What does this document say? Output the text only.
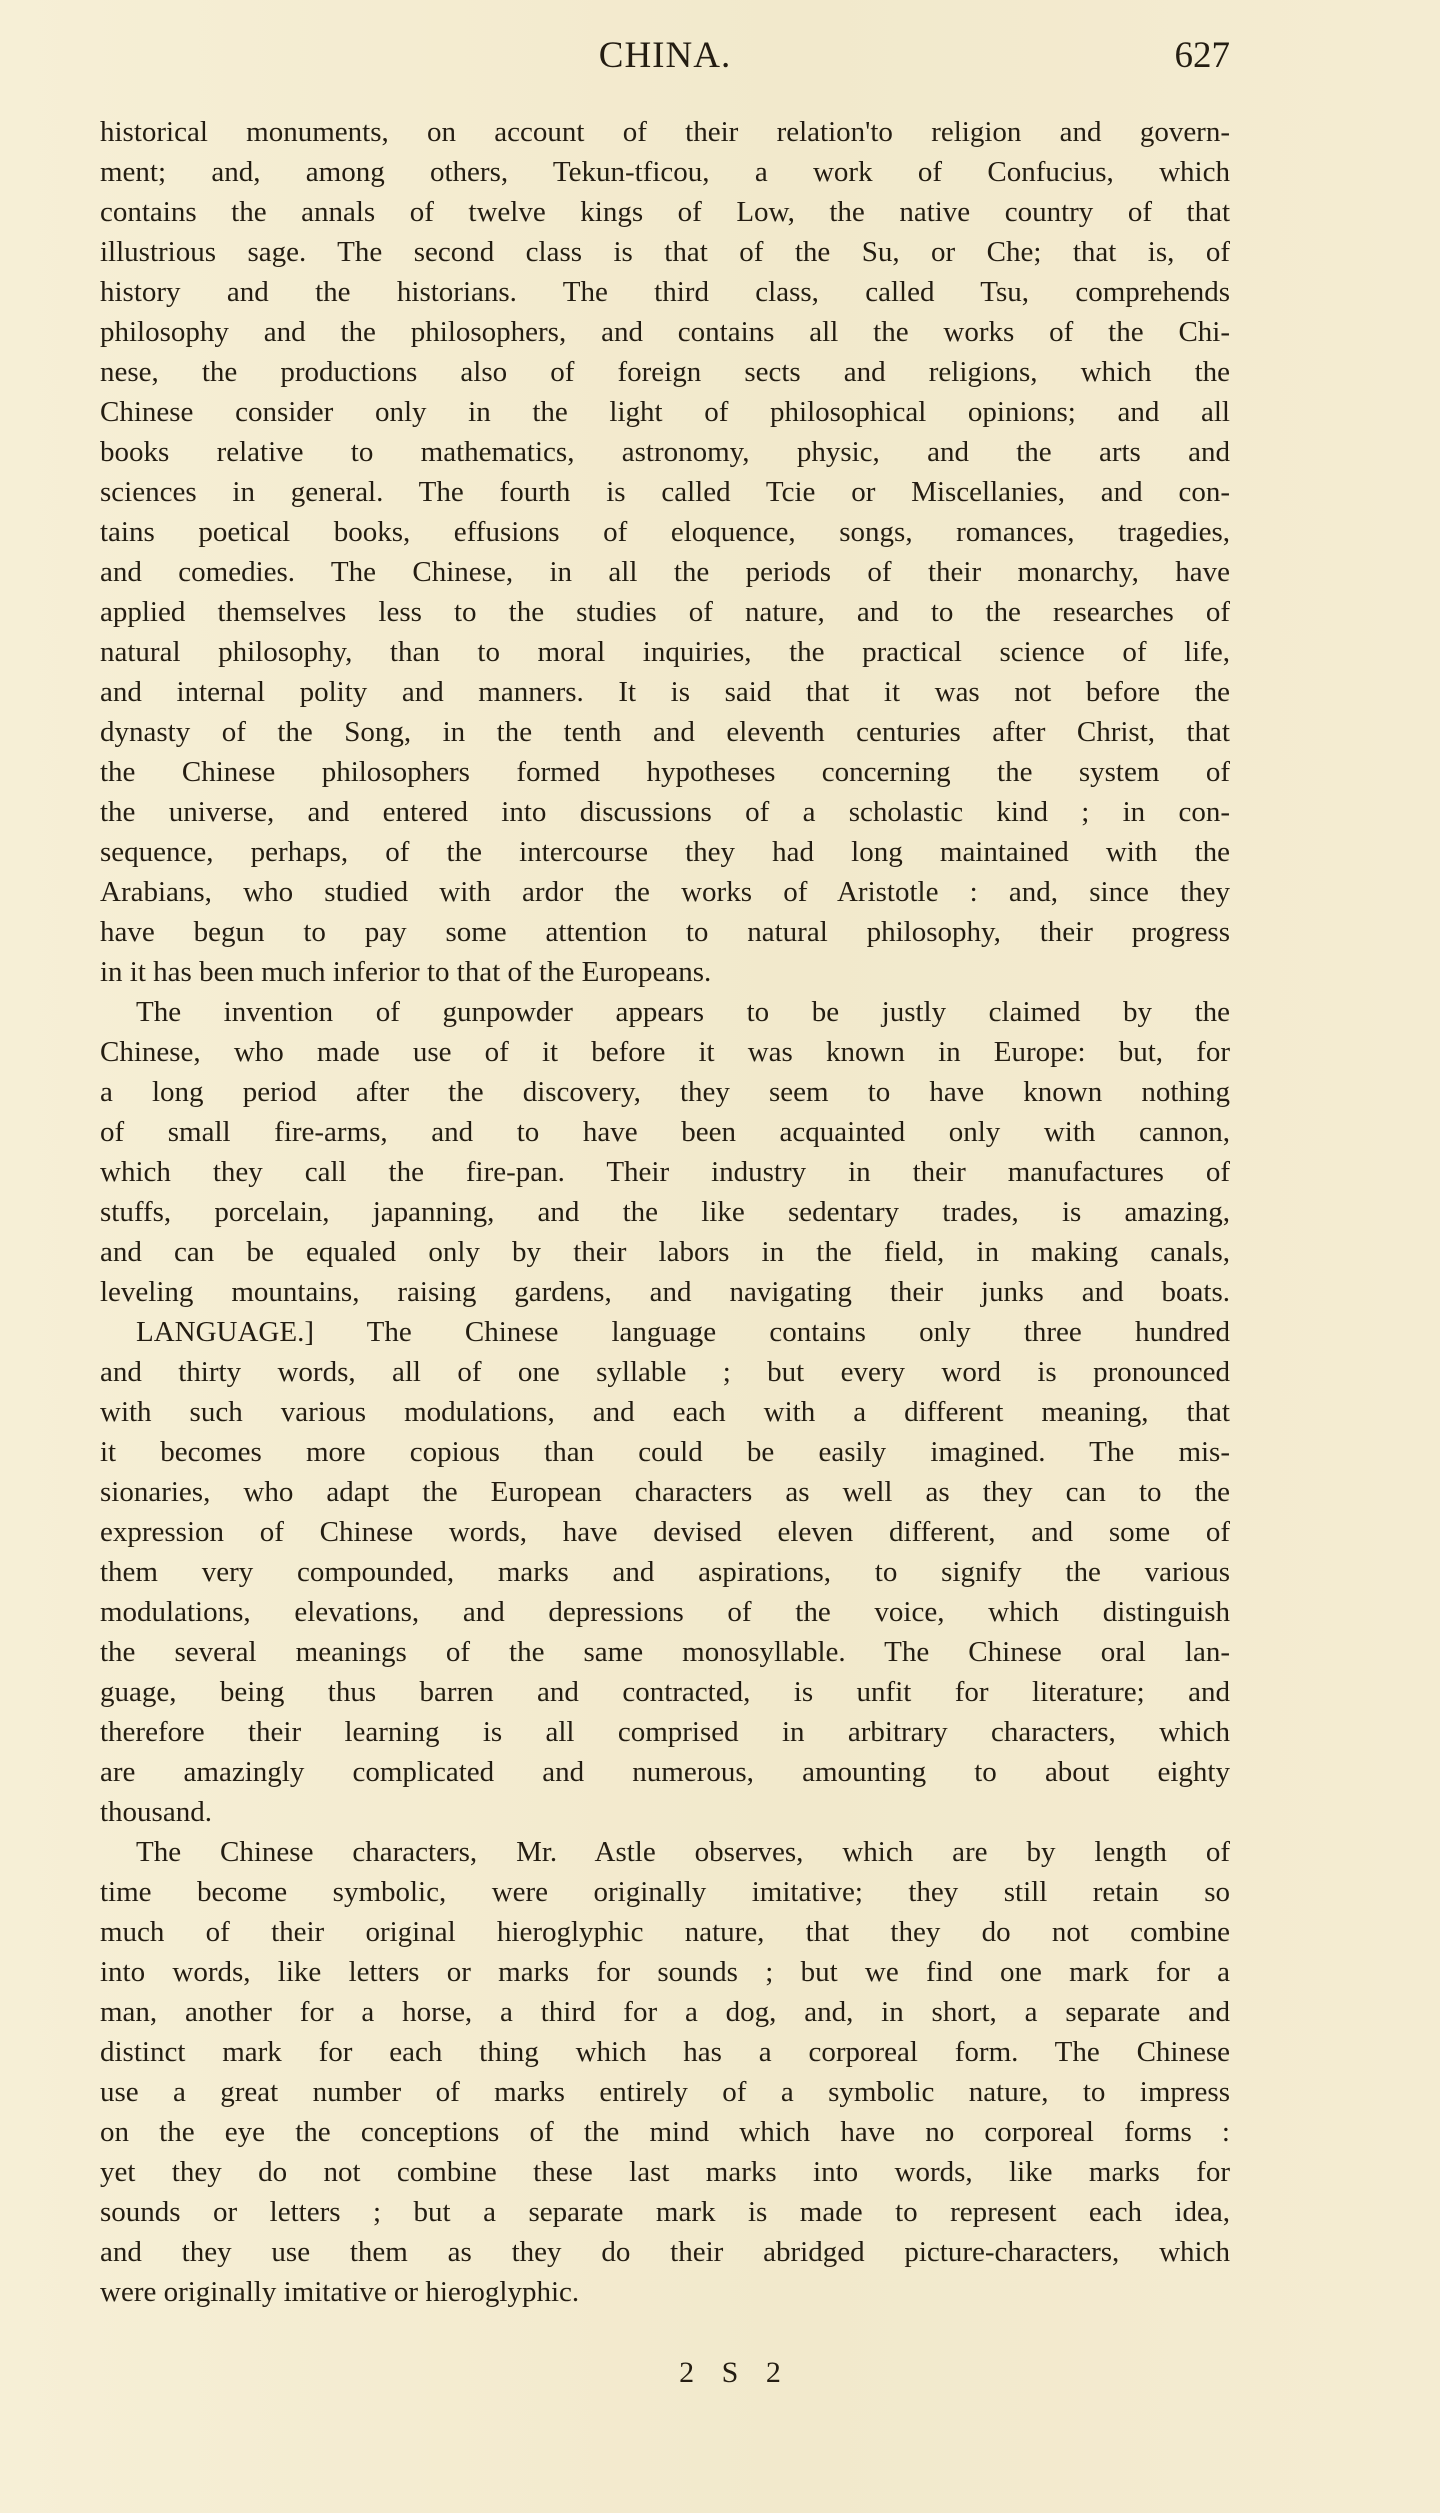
CHINA.	627
historical monuments, on account of their relation'to religion and govern-
ment; and, among others, Tekun-tficou, a work of Confucius, which
contains the annals of twelve kings of Low, the native country of that
illustrious sage. The second class is that of the Su, or Che; that is, of
history and the historians. The third class, called Tsu, comprehends
philosophy and the philosophers, and contains all the works of the Chi-
nese, the productions also of foreign sects and religions, which the
Chinese consider only in the light of philosophical opinions; and all
books relative to mathematics, astronomy, physic, and the arts and
sciences in general. The fourth is called Tcie or Miscellanies, and con-
tains poetical books, effusions of eloquence, songs, romances, tragedies,
and comedies. The Chinese, in all the periods of their monarchy, have
applied themselves less to the studies of nature, and to the researches of
natural philosophy, than to moral inquiries, the practical science of life,
and internal polity and manners. It is said that it was not before the
dynasty of the Song, in the tenth and eleventh centuries after Christ, that
the Chinese philosophers formed hypotheses concerning the system of
the universe, and entered into discussions of a scholastic kind ; in con-
sequence, perhaps, of the intercourse they had long maintained with the
Arabians, who studied with ardor the works of Aristotle : and, since they
have begun to pay some attention to natural philosophy, their progress
in it has been much inferior to that of the Europeans.
The invention of gunpowder appears to be justly claimed by the
Chinese, who made use of it before it was known in Europe: but, for
a long period after the discovery, they seem to have known nothing
of small fire-arms, and to have been acquainted only with cannon,
which they call the fire-pan. Their industry in their manufactures of
stuffs, porcelain, japanning, and the like sedentary trades, is amazing,
and can be equaled only by their labors in the field, in making canals,
leveling mountains, raising gardens, and navigating their junks and boats.
LANGUAGE.] The Chinese language contains only three hundred
and thirty words, all of one syllable ; but every word is pronounced
with such various modulations, and each with a different meaning, that
it becomes more copious than could be easily imagined. The mis-
sionaries, who adapt the European characters as well as they can to the
expression of Chinese words, have devised eleven different, and some of
them very compounded, marks and aspirations, to signify the various
modulations, elevations, and depressions of the voice, which distinguish
the several meanings of the same monosyllable. The Chinese oral lan-
guage, being thus barren and contracted, is unfit for literature; and
therefore their learning is all comprised in arbitrary characters, which
are amazingly complicated and numerous, amounting to about eighty
thousand.
The Chinese characters, Mr. Astle observes, which are by length of
time become symbolic, were originally imitative; they still retain so
much of their original hieroglyphic nature, that they do not combine
into words, like letters or marks for sounds ; but we find one mark for a
man, another for a horse, a third for a dog, and, in short, a separate and
distinct mark for each thing which has a corporeal form. The Chinese
use a great number of marks entirely of a symbolic nature, to impress
on the eye the conceptions of the mind which have no corporeal forms :
yet they do not combine these last marks into words, like marks for
sounds or letters ; but a separate mark is made to represent each idea,
and they use them as they do their abridged picture-characters, which
were originally imitative or hieroglyphic.
2 S 2
